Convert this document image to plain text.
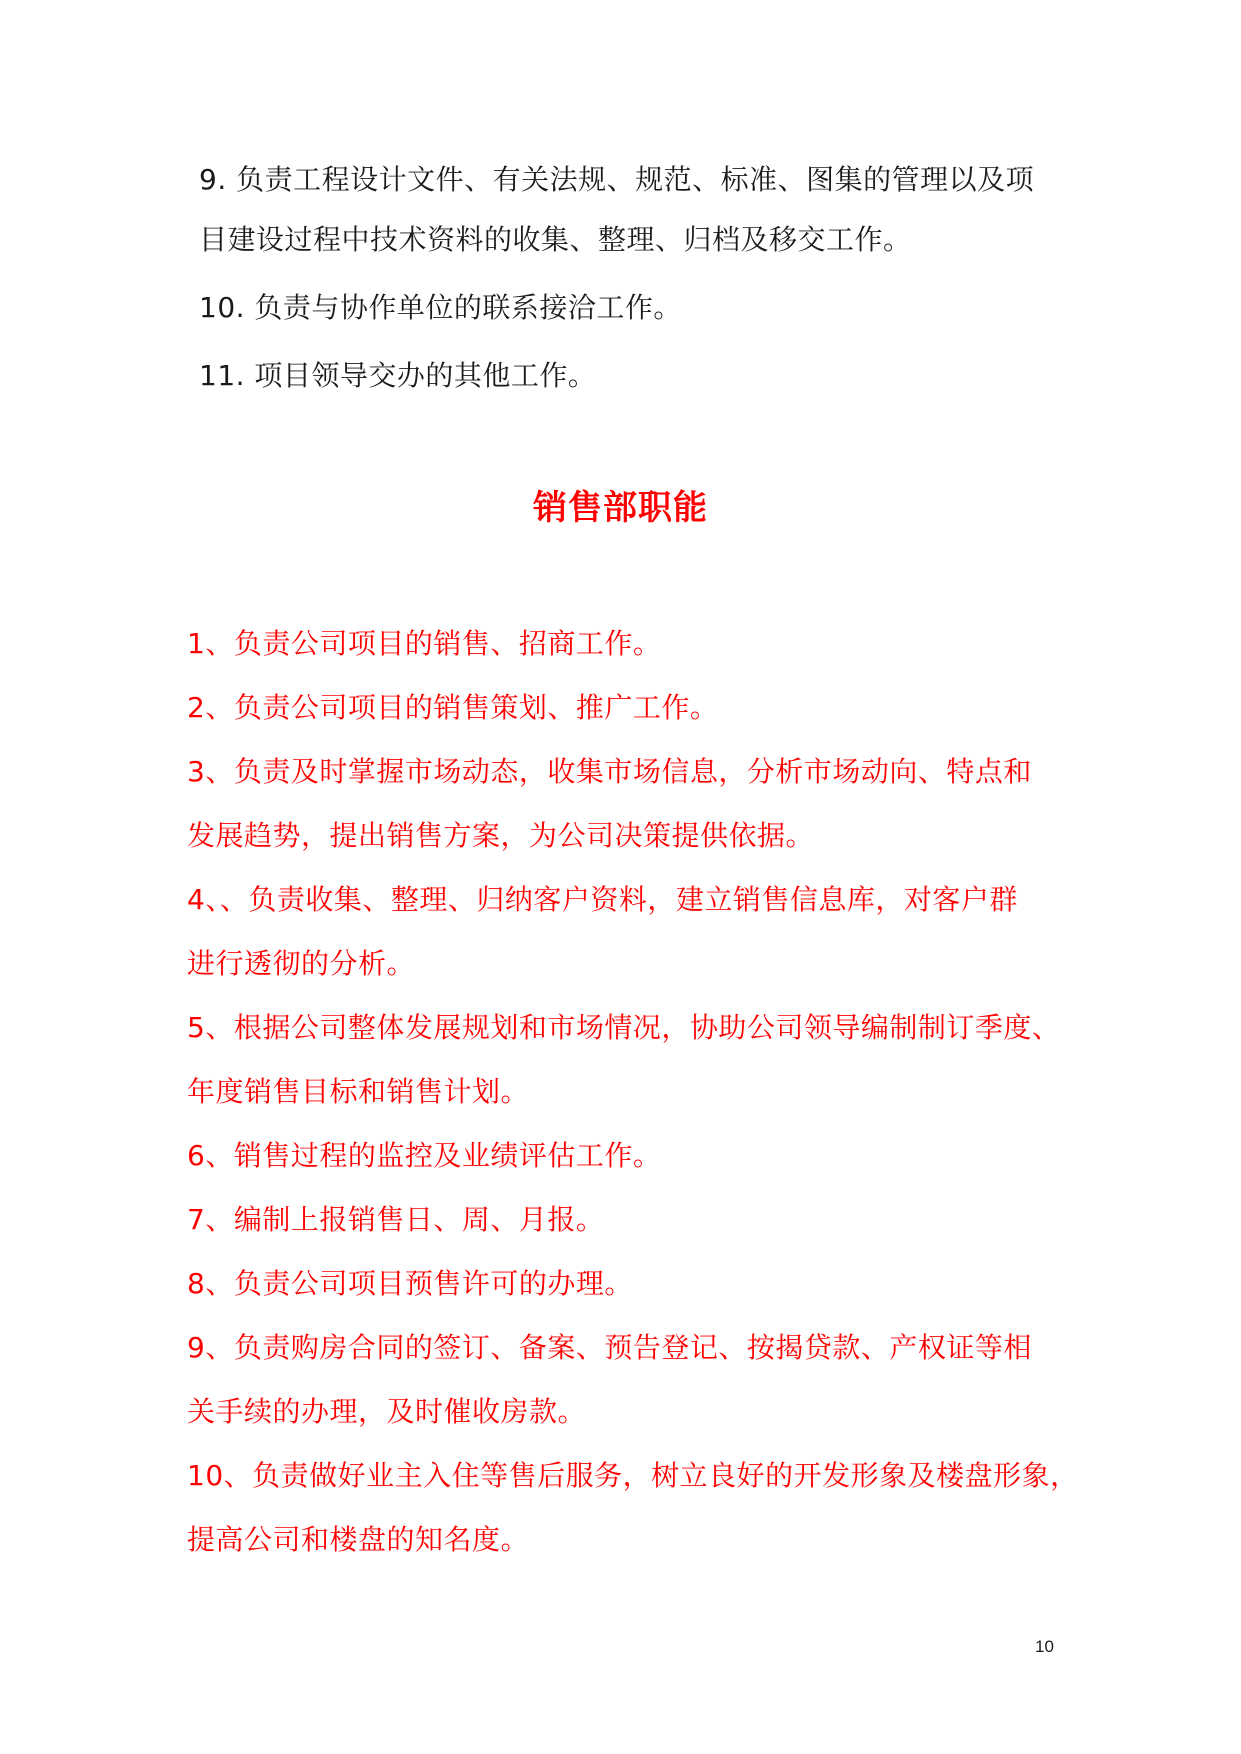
9. 负责工程设计文件、有关法规、规范、标准、图集的管理以及项
目建设过程中技术资料的收集、整理、归档及移交工作。
10. 负责与协作单位的联系接洽工作。
11. 项目领导交办的其他工作。
销售部职能
1、负责公司项目的销售、招商工作。
2、负责公司项目的销售策划、推广工作。
3、负责及时掌握市场动态，收集市场信息，分析市场动向、特点和
发展趋势，提出销售方案，为公司决策提供依据。
4、、负责收集、整理、归纳客户资料，建立销售信息库，对客户群
进行透彻的分析。
5、根据公司整体发展规划和市场情况，协助公司领导编制制订季度、
年度销售目标和销售计划。
6、销售过程的监控及业绩评估工作。
7、编制上报销售日、周、月报。
8、负责公司项目预售许可的办理。
9、负责购房合同的签订、备案、预告登记、按揭贷款、产权证等相
关手续的办理，及时催收房款。
10、负责做好业主入住等售后服务，树立良好的开发形象及楼盘形象，
提高公司和楼盘的知名度。
10
